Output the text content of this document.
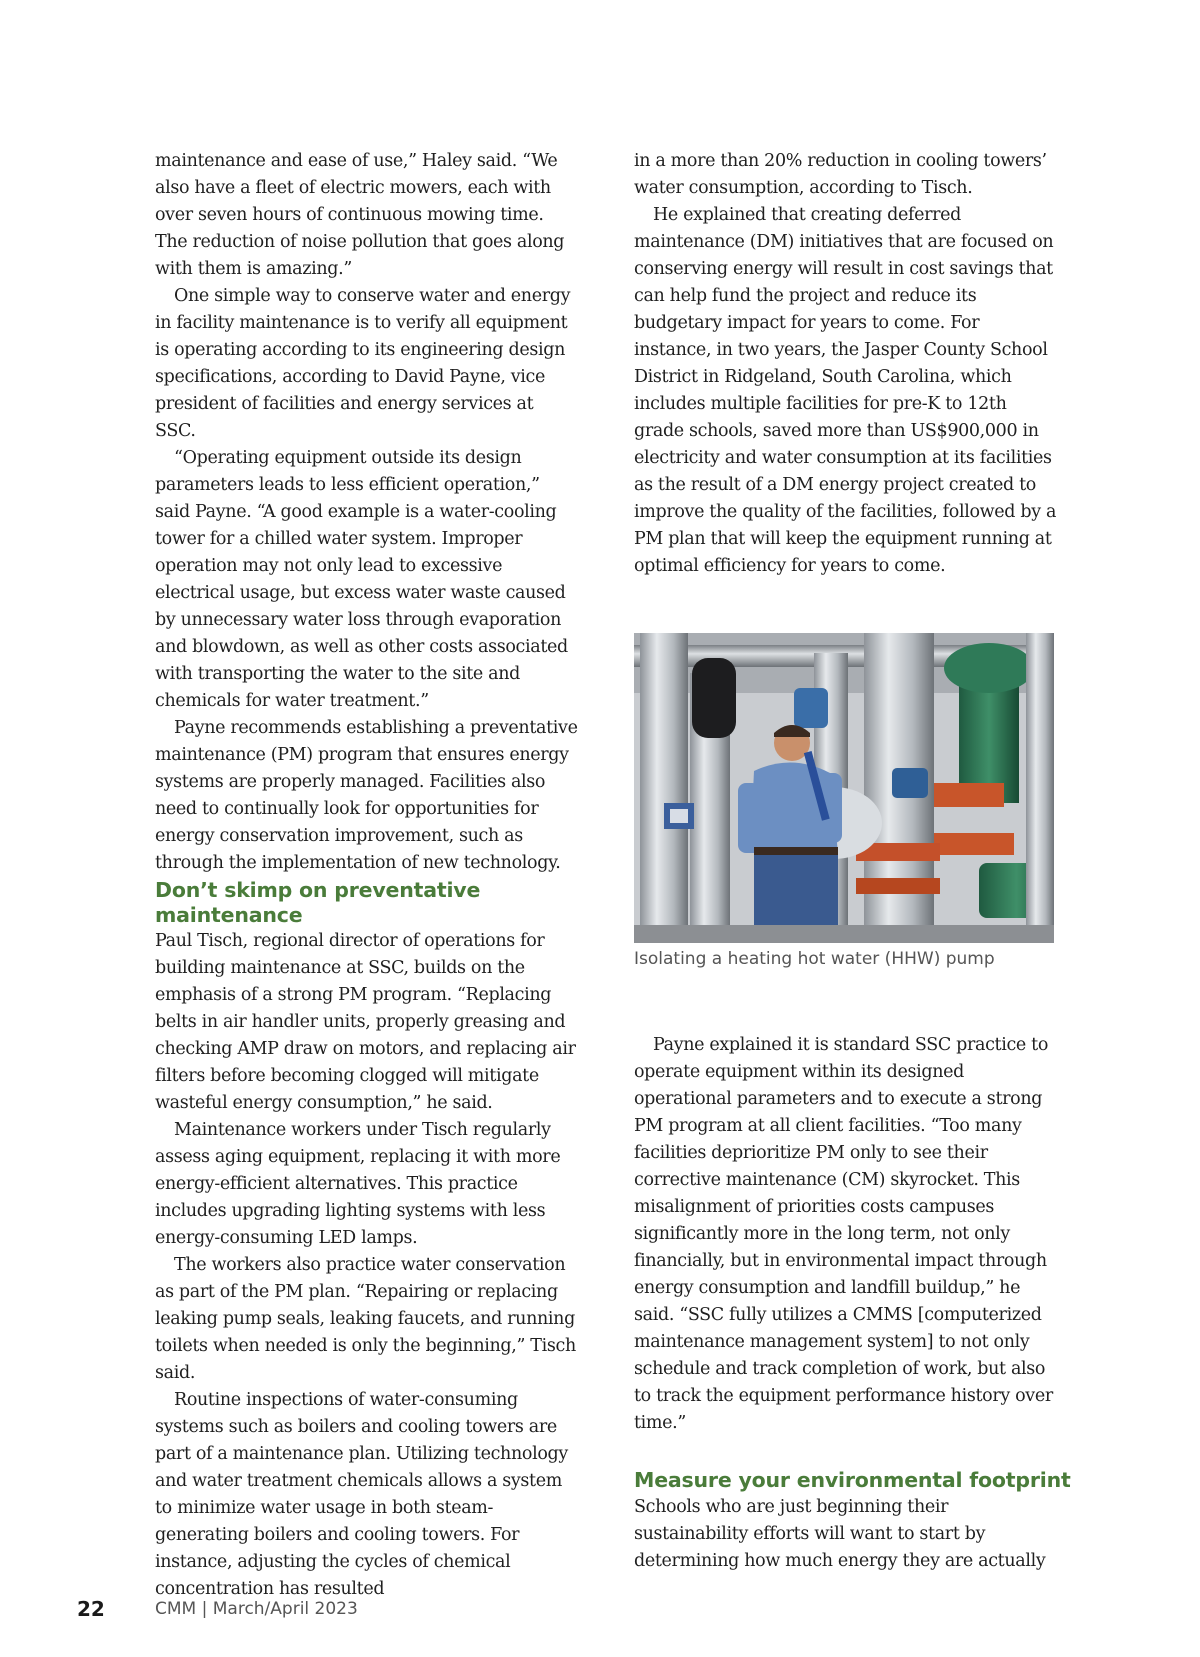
maintenance and ease of use,” Haley said. “We also have a fleet of electric mowers, each with over seven hours of continuous mowing time. The reduction of noise pollution that goes along with them is amazing.”

One simple way to conserve water and energy in facility maintenance is to verify all equipment is operating according to its engineering design specifications, according to David Payne, vice president of facilities and energy services at SSC.

“Operating equipment outside its design parameters leads to less efficient operation,” said Payne. “A good example is a water-cooling tower for a chilled water system. Improper operation may not only lead to excessive electrical usage, but excess water waste caused by unnecessary water loss through evaporation and blowdown, as well as other costs associated with transporting the water to the site and chemicals for water treatment.”

Payne recommends establishing a preventative maintenance (PM) program that ensures energy systems are properly managed. Facilities also need to continually look for opportunities for energy conservation improvement, such as through the implementation of new technology.

Don’t skimp on preventative maintenance

Paul Tisch, regional director of operations for building maintenance at SSC, builds on the emphasis of a strong PM program. “Replacing belts in air handler units, properly greasing and checking AMP draw on motors, and replacing air filters before becoming clogged will mitigate wasteful energy consumption,” he said.

Maintenance workers under Tisch regularly assess aging equipment, replacing it with more energy-efficient alternatives. This practice includes upgrading lighting systems with less energy-consuming LED lamps.

The workers also practice water conservation as part of the PM plan. “Repairing or replacing leaking pump seals, leaking faucets, and running toilets when needed is only the beginning,” Tisch said.

Routine inspections of water-consuming systems such as boilers and cooling towers are part of a maintenance plan. Utilizing technology and water treatment chemicals allows a system to minimize water usage in both steam-generating boilers and cooling towers. For instance, adjusting the cycles of chemical concentration has resulted

in a more than 20% reduction in cooling towers’ water consumption, according to Tisch.

He explained that creating deferred maintenance (DM) initiatives that are focused on conserving energy will result in cost savings that can help fund the project and reduce its budgetary impact for years to come. For instance, in two years, the Jasper County School District in Ridgeland, South Carolina, which includes multiple facilities for pre-K to 12th grade schools, saved more than US$900,000 in electricity and water consumption at its facilities as the result of a DM energy project created to improve the quality of the facilities, followed by a PM plan that will keep the equipment running at optimal efficiency for years to come.

Isolating a heating hot water (HHW) pump

Payne explained it is standard SSC practice to operate equipment within its designed operational parameters and to execute a strong PM program at all client facilities. “Too many facilities deprioritize PM only to see their corrective maintenance (CM) skyrocket. This misalignment of priorities costs campuses significantly more in the long term, not only financially, but in environmental impact through energy consumption and landfill buildup,” he said. “SSC fully utilizes a CMMS [computerized maintenance management system] to not only schedule and track completion of work, but also to track the equipment performance history over time.”

Measure your environmental footprint

Schools who are just beginning their sustainability efforts will want to start by determining how much energy they are actually

22	CMM | March/April 2023
